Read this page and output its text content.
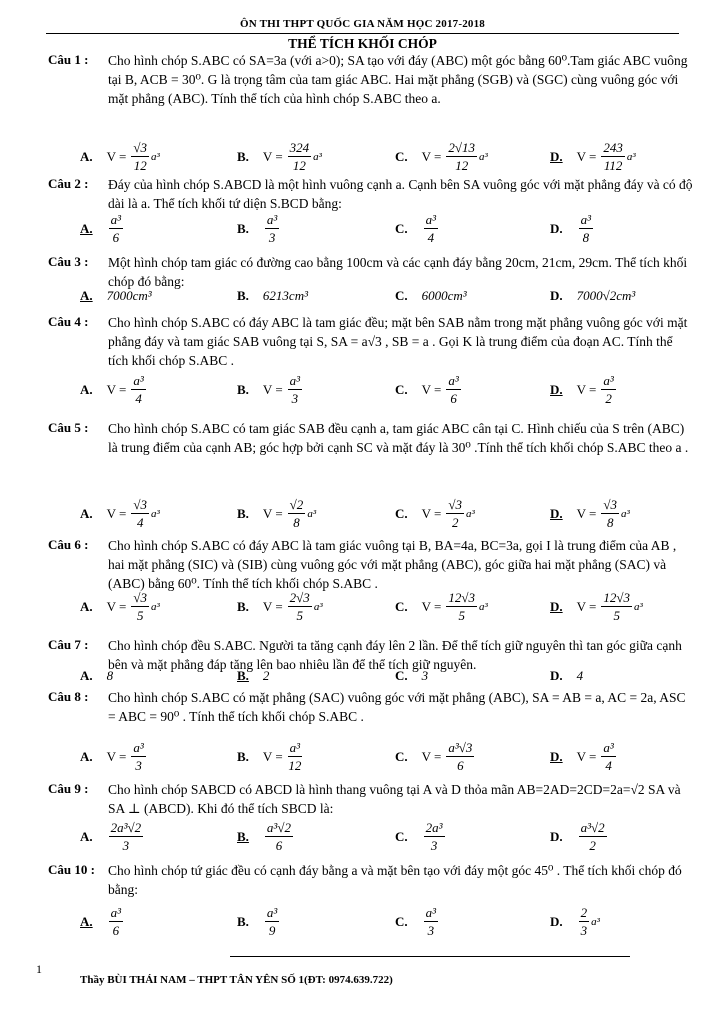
ÔN THI THPT QUỐC GIA NĂM HỌC 2017-2018
THỂ TÍCH KHỐI CHÓP
Câu 1 : Cho hình chóp S.ABC có SA=3a (với a>0); SA tạo với đáy (ABC) một góc bằng 60⁰.Tam giác ABC vuông tại B, ACB = 30⁰. G là trọng tâm của tam giác ABC. Hai mặt phẳng (SGB) và (SGC) cùng vuông góc với mặt phẳng (ABC). Tính thể tích của hình chóp S.ABC theo a.
A. $V = \frac{√3}{12} a^3$	B. $V = \frac{324}{12} a^3$	C. $V = \frac{2√13}{12} a^3$	D. $V = \frac{243}{112} a^3$
Câu 2 : Đáy của hình chóp S.ABCD là một hình vuông cạnh a. Cạnh bên SA vuông góc với mặt phẳng đáy và có độ dài là a. Thể tích khối tứ diện S.BCD bằng:
A. $\frac{\text{a³}}{6}$	B. $\frac{\text{a³}}{3}$	C. $\frac{\text{a³}}{4}$	D. $\frac{\text{a³}}{8}$
Câu 3 : Một hình chóp tam giác có đường cao bằng 100cm và các cạnh đáy bằng 20cm, 21cm, 29cm. Thể tích khối chóp đó bằng:
A. 7000cm³	B. 6213cm³	C. 6000cm³	D. 7000√2cm³
Câu 4 : Cho hình chóp S.ABC có đáy ABC là tam giác đều; mặt bên SAB nằm trong mặt phẳng vuông góc với mặt phẳng đáy và tam giác SAB vuông tại S, SA = a√3 , SB = a . Gọi K là trung điểm của đoạn AC. Tính thể tích khối chóp S.ABC .
A. $V = \frac{\text{a³}}{4}$	B. $V = \frac{\text{a³}}{3}$	C. $V = \frac{\text{a³}}{6}$	D. $V = \frac{\text{a³}}{2}$
Câu 5 : Cho hình chóp S.ABC có tam giác SAB đều cạnh a, tam giác ABC cân tại C. Hình chiếu của S trên (ABC) là trung điểm của cạnh AB; góc hợp bởi cạnh SC và mặt đáy là 30⁰ .Tính thể tích khối chóp S.ABC theo a .
A. $V = \frac{√3}{4} a^3$	B. $V = \frac{√2}{8} a^3$	C. $V = \frac{√3}{2} a^3$	D. $V = \frac{√3}{8} a^3$
Câu 6 : Cho hình chóp S.ABC có đáy ABC là tam giác vuông tại B, BA=4a, BC=3a, gọi I là trung điểm của AB , hai mặt phẳng (SIC) và (SIB) cùng vuông góc với mặt phẳng (ABC), góc giữa hai mặt phẳng (SAC) và (ABC) bằng 60⁰. Tính thể tích khối chóp S.ABC .
A. $V = \frac{√3}{5} a^3$	B. $V = \frac{2√3}{5} a^3$	C. $V = \frac{12√3}{5} a^3$	D. $V = \frac{12√3}{5} a^3$
Câu 7 : Cho hình chóp đều S.ABC. Người ta tăng cạnh đáy lên 2 lần. Để thể tích giữ nguyên thì tan góc giữa cạnh bên và mặt phẳng đáp tăng lên bao nhiêu lần để thể tích giữ nguyên.
A. 8	B. 2	C. 3	D. 4
Câu 8 : Cho hình chóp S.ABC có mặt phẳng (SAC) vuông góc với mặt phẳng (ABC), SA = AB = a, AC = 2a, ASC = ABC = 90⁰ . Tính thể tích khối chóp S.ABC .
A. $V = \frac{\text{a³}}{3}$	B. $V = \frac{\text{a³}}{12}$	C. $V = \frac{\text{a³√3}}{6}$	D. $V = \frac{\text{a³}}{4}$
Câu 9 : Cho hình chóp SABCD có ABCD là hình thang vuông tại A và D thỏa mãn AB=2AD=2CD=2a=√2 SA và SA ⊥ (ABCD). Khi đó thể tích SBCD là:
A. $\frac{\text{2a³√2}}{3}$	B. $\frac{\text{a³√2}}{6}$	C. $\frac{\text{2a³}}{3}$	D. $\frac{\text{a³√2}}{2}$
Câu 10 : Cho hình chóp tứ giác đều có cạnh đáy bằng a và mặt bên tạo với đáy một góc 45⁰ . Thể tích khối chóp đó bằng:
A. $\frac{\text{a³}}{6}$	B. $\frac{\text{a³}}{9}$	C. $\frac{\text{a³}}{3}$	D. $\frac{2}{3} a^3$
1
Thầy BÙI THÁI NAM – THPT TÂN YÊN SỐ 1(ĐT: 0974.639.722)
